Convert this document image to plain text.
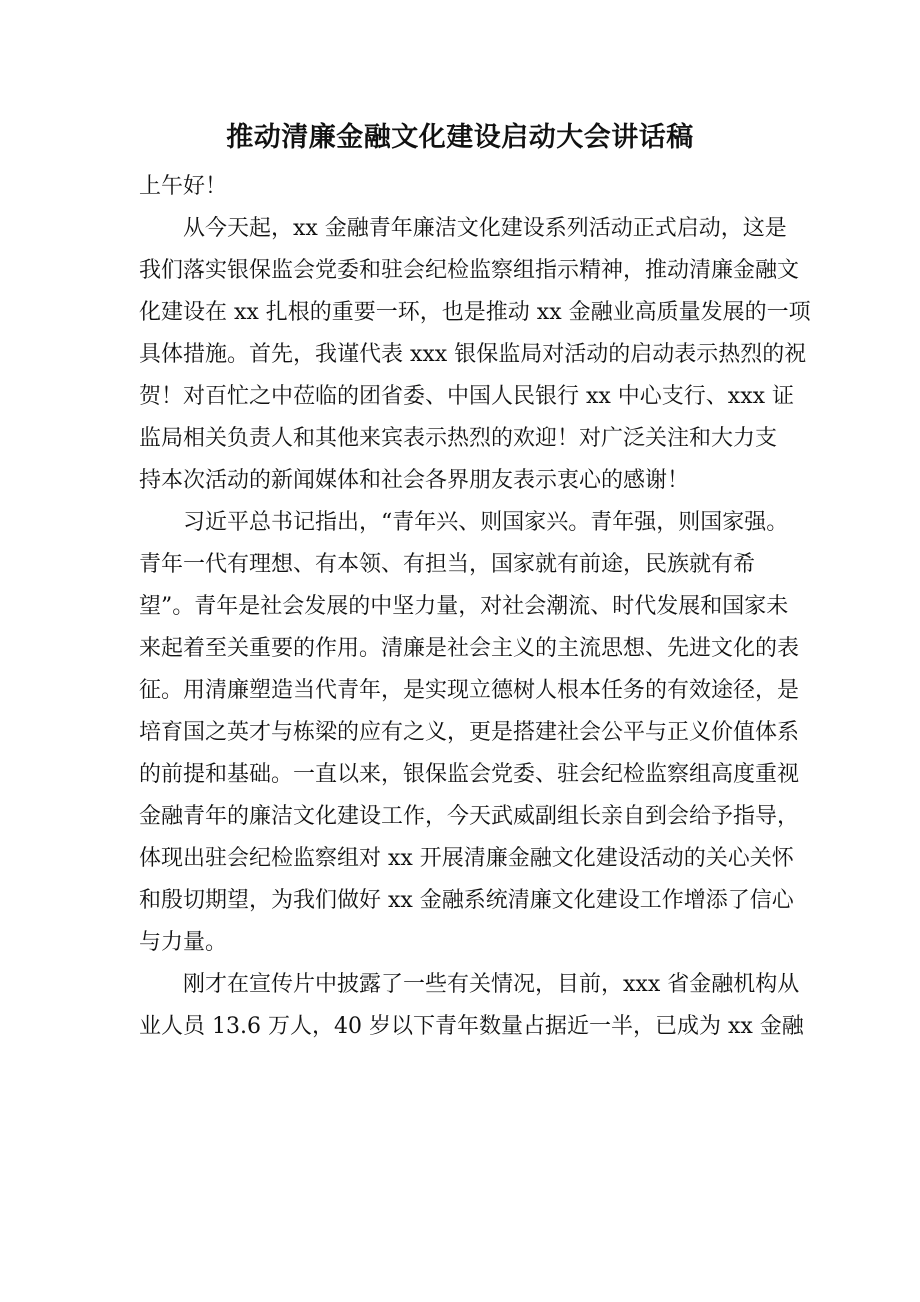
推动清廉金融文化建设启动大会讲话稿
上午好！
从今天起，xx 金融青年廉洁文化建设系列活动正式启动，这是
我们落实银保监会党委和驻会纪检监察组指示精神，推动清廉金融文
化建设在 xx 扎根的重要一环，也是推动 xx 金融业高质量发展的一项
具体措施。首先，我谨代表 xxx 银保监局对活动的启动表示热烈的祝
贺！对百忙之中莅临的团省委、中国人民银行 xx 中心支行、xxx 证
监局相关负责人和其他来宾表示热烈的欢迎！对广泛关注和大力支
持本次活动的新闻媒体和社会各界朋友表示衷心的感谢！
习近平总书记指出，“青年兴、则国家兴。青年强，则国家强。
青年一代有理想、有本领、有担当，国家就有前途，民族就有希
望”。青年是社会发展的中坚力量，对社会潮流、时代发展和国家未
来起着至关重要的作用。清廉是社会主义的主流思想、先进文化的表
征。用清廉塑造当代青年，是实现立德树人根本任务的有效途径，是
培育国之英才与栋梁的应有之义，更是搭建社会公平与正义价值体系
的前提和基础。一直以来，银保监会党委、驻会纪检监察组高度重视
金融青年的廉洁文化建设工作，今天武威副组长亲自到会给予指导，
体现出驻会纪检监察组对 xx 开展清廉金融文化建设活动的关心关怀
和殷切期望，为我们做好 xx 金融系统清廉文化建设工作增添了信心
与力量。
刚才在宣传片中披露了一些有关情况，目前，xxx 省金融机构从
业人员 13.6 万人，40 岁以下青年数量占据近一半，已成为 xx 金融
